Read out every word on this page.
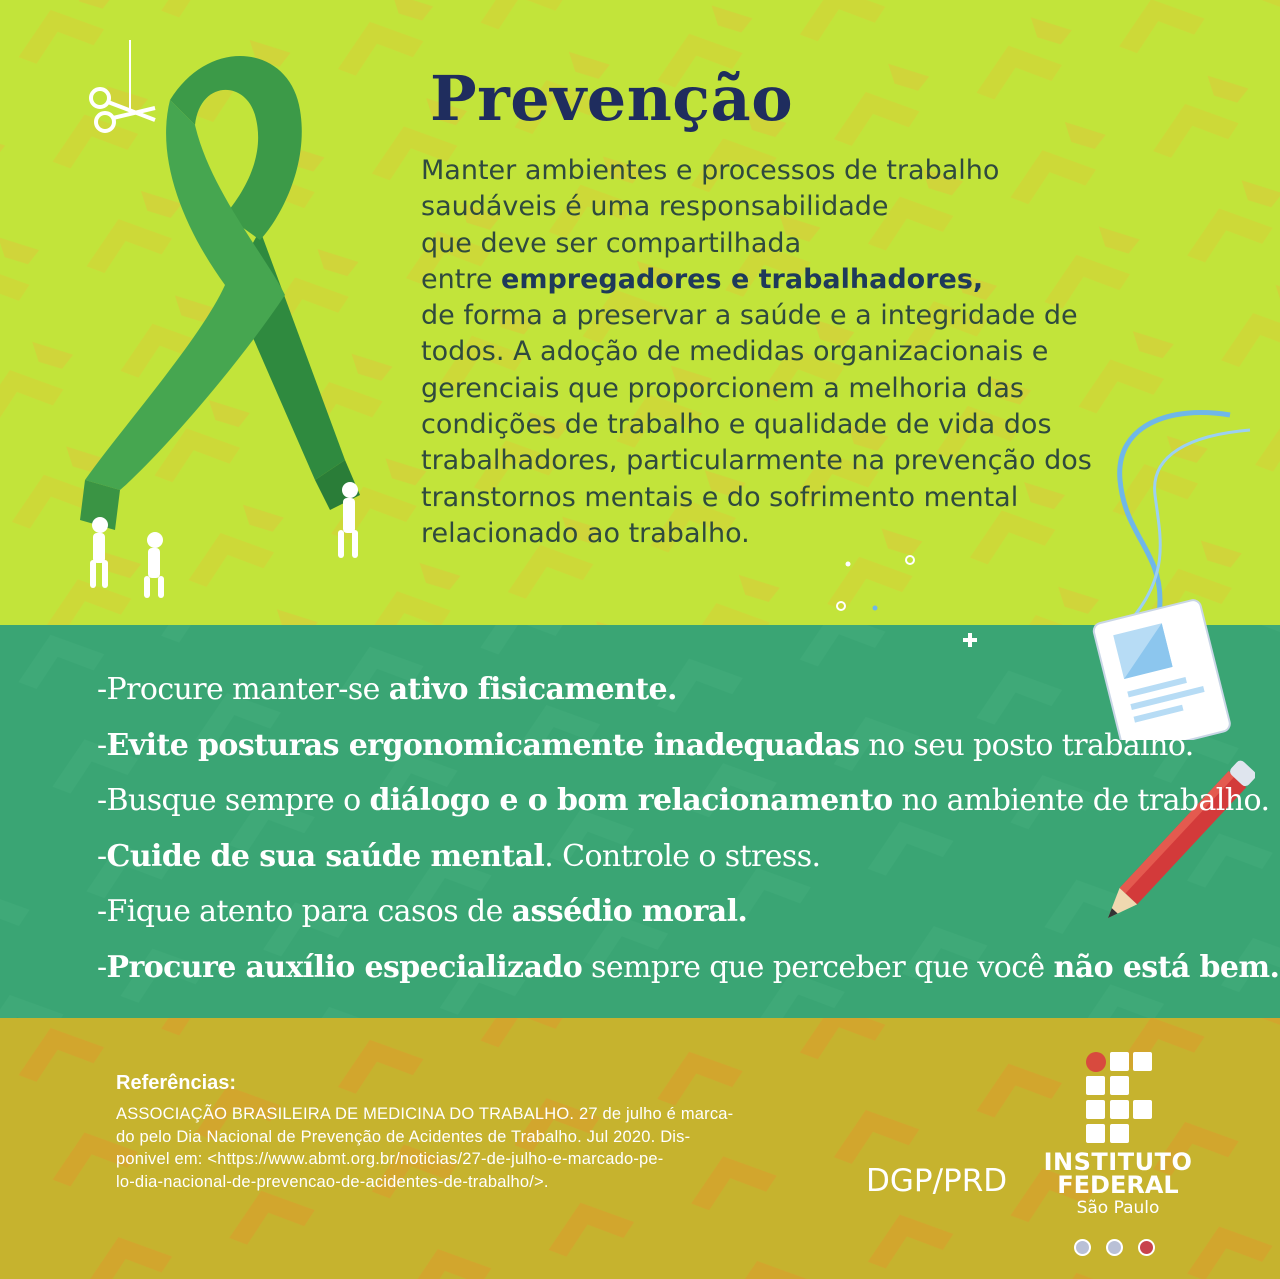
Prevenção
Manter ambientes e processos de trabalho
saudáveis é uma responsabilidade
que deve ser compartilhada
entre empregadores e trabalhadores,
de forma a preservar a saúde e a integridade de
todos. A adoção de medidas organizacionais e
gerenciais que proporcionem a melhoria das
condições de trabalho e qualidade de vida dos
trabalhadores, particularmente na prevenção dos
transtornos mentais e do sofrimento mental
relacionado ao trabalho.
-Procure manter-se ativo fisicamente.
-Evite posturas ergonomicamente inadequadas no seu posto trabalho.
-Busque sempre o diálogo e o bom relacionamento no ambiente de trabalho.
-Cuide de sua saúde mental. Controle o stress.
-Fique atento para casos de assédio moral.
-Procure auxílio especializado sempre que perceber que você não está bem.
Referências:
ASSOCIAÇÃO BRASILEIRA DE MEDICINA DO TRABALHO. 27 de julho é marca-
do pelo Dia Nacional de Prevenção de Acidentes de Trabalho. Jul 2020. Dis-
ponivel em: <https://www.abmt.org.br/noticias/27-de-julho-e-marcado-pe-
lo-dia-nacional-de-prevencao-de-acidentes-de-trabalho/>.	DGP/PRD
INSTITUTO
FEDERAL
São Paulo
